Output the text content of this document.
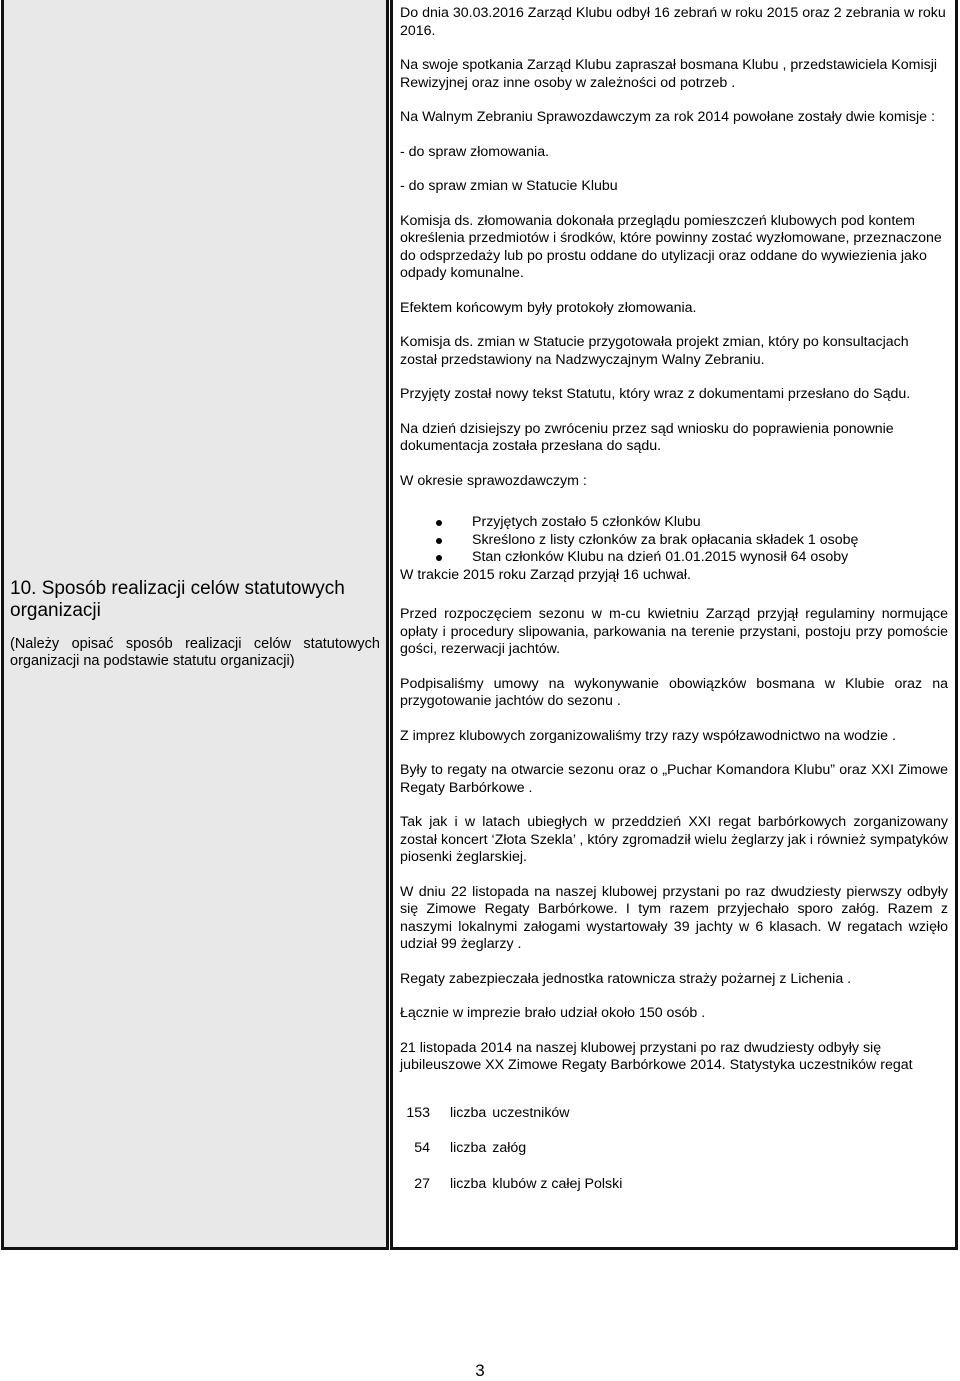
10. Sposób realizacji celów statutowych organizacji

(Należy opisać sposób realizacji celów statutowych organizacji na podstawie statutu organizacji)

Do dnia 30.03.2016 Zarząd Klubu odbył 16 zebrań w roku 2015 oraz 2 zebrania w roku 2016.

Na swoje spotkania Zarząd Klubu zapraszał bosmana Klubu , przedstawiciela Komisji Rewizyjnej oraz inne osoby w zależności od potrzeb .

Na Walnym Zebraniu Sprawozdawczym za rok 2014 powołane zostały dwie komisje :

- do spraw złomowania.

- do spraw zmian w Statucie Klubu

Komisja ds. złomowania dokonała przeglądu pomieszczeń klubowych pod kontem określenia przedmiotów i środków, które powinny zostać wyzłomowane, przeznaczone do odsprzedaży lub po prostu oddane do utylizacji oraz oddane do wywiezienia jako odpady komunalne.

Efektem końcowym były protokoły złomowania.

Komisja ds. zmian w Statucie przygotowała projekt zmian, który po konsultacjach został przedstawiony na Nadzwyczajnym Walny Zebraniu.

Przyjęty został nowy tekst Statutu, który wraz z dokumentami przesłano do Sądu.

Na dzień dzisiejszy po zwróceniu przez sąd wniosku do poprawienia ponownie dokumentacja została przesłana do sądu.

W okresie sprawozdawczym :

Przyjętych zostało 5 członków Klubu
Skreślono z listy członków za brak opłacania składek 1 osobę
Stan członków Klubu na dzień 01.01.2015 wynosił 64 osoby

W trakcie 2015 roku Zarząd przyjął 16 uchwał.

Przed rozpoczęciem sezonu w m-cu kwietniu Zarząd przyjął regulaminy normujące opłaty i procedury slipowania, parkowania na terenie przystani, postoju przy pomoście gości, rezerwacji jachtów.

Podpisaliśmy umowy na wykonywanie obowiązków bosmana w Klubie oraz na przygotowanie jachtów do sezonu .

Z imprez klubowych zorganizowaliśmy trzy razy współzawodnictwo na wodzie .

Były to regaty na otwarcie sezonu oraz o „Puchar Komandora Klubu” oraz XXI Zimowe Regaty Barbórkowe .

Tak jak i w latach ubiegłych w przeddzień XXI regat barbórkowych zorganizowany został koncert ‘Złota Szekla’ , który zgromadził wielu żeglarzy jak i również sympatyków piosenki żeglarskiej.

W dniu 22 listopada na naszej klubowej przystani po raz dwudziesty pierwszy odbyły się Zimowe Regaty Barbórkowe. I tym razem przyjechało sporo załóg. Razem z naszymi lokalnymi załogami wystartowały 39 jachty w 6 klasach. W regatach wzięło udział 99 żeglarzy .

Regaty zabezpieczała jednostka ratownicza straży pożarnej z Lichenia .

Łącznie w imprezie brało udział około 150 osób .

21 listopada 2014 na naszej klubowej przystani po raz dwudziesty odbyły się jubileuszowe XX Zimowe Regaty Barbórkowe 2014. Statystyka uczestników regat

153	liczba	uczestników
54	liczba	załóg
27	liczba	klubów z całej Polski
3
